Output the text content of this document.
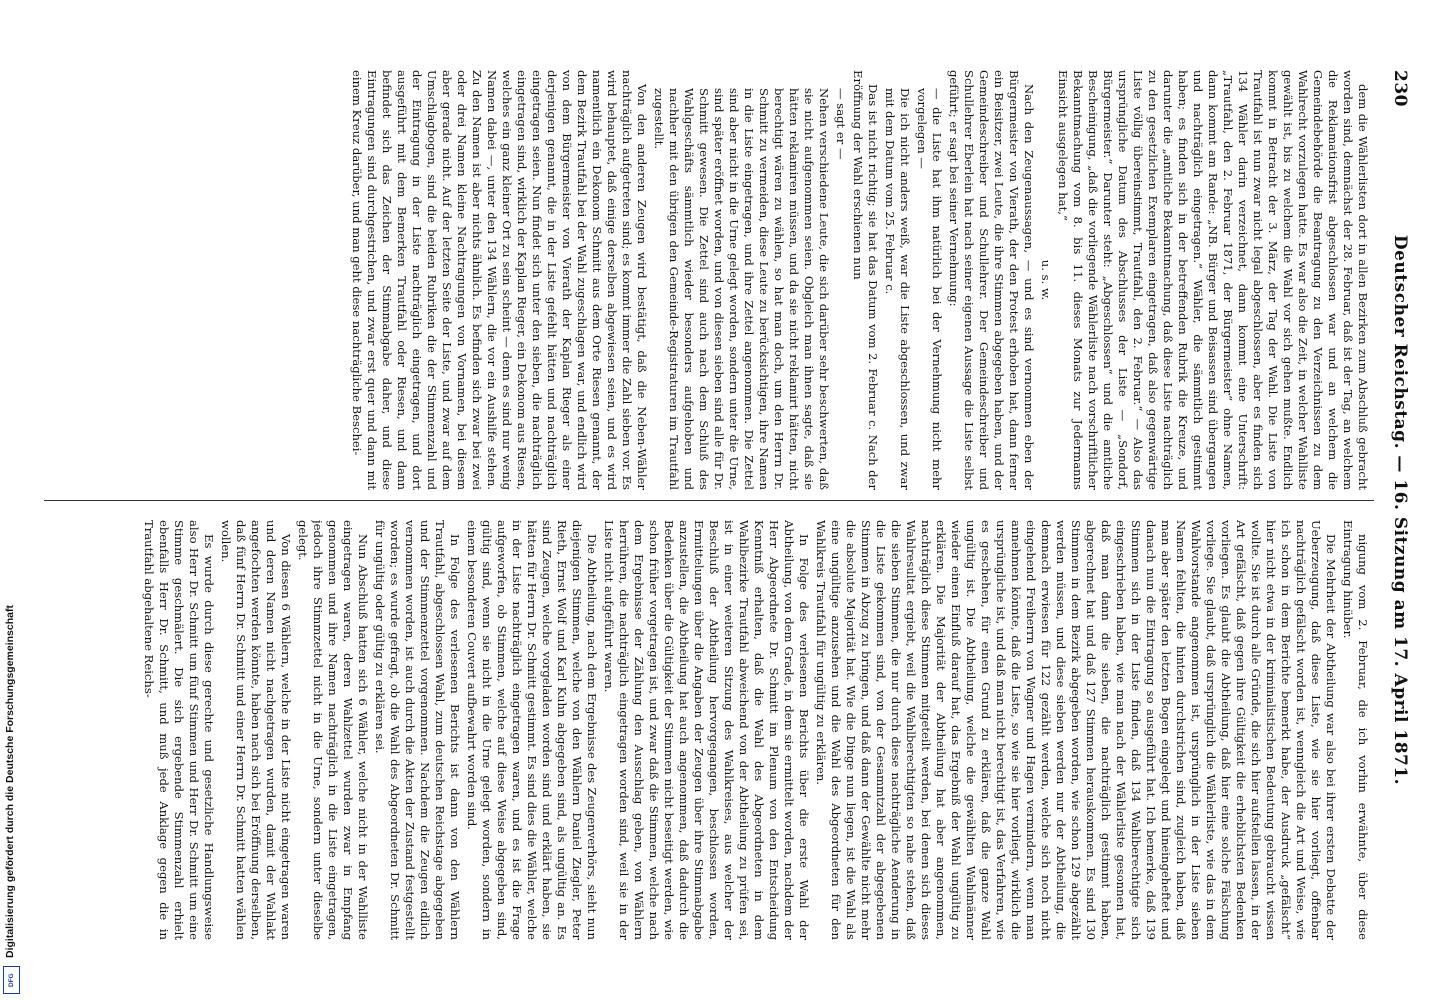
230
Deutscher Reichstag. — 16. Sitzung am 17. April 1871.

dem die Wählerlisten dort in allen Bezirken zum Abschluß gebracht worden sind, demnächst der 28. Februar, daß ist der Tag, an welchem die Reklamationsfrist abgeschlossen war und an welchem die Gemeindebehörde die Beantragung zu den Verzeichnissen zu dem Wahlrecht vorzulegen hatte. Es war also die Zeit, in welcher Wahlliste gewählt ist, bis zu welchem die Wahl vor sich gehen mußte. Endlich kommt in Betracht der 3. März, der Tag der Wahl. Die Liste von Trautfahl ist nun zwar nicht legal abgeschlossen, aber es finden sich 134 Wähler darin verzeichnet, dann kommt eine Unterschrift: „Trautfahl, den 2. Februar 1871, der Bürgermeister“ ohne Namen, dann kommt am Rande: „NB. Bürger und Beisassen sind übergangen und nachträglich eingetragen.“ Wähler, die sämmtlich gestimmt haben; es finden sich in der betreffenden Rubrik die Kreuze, und darunter die „amtliche Bekanntmachung, daß diese Liste nachträglich zu den gesetzlichen Exemplaren eingetragen, daß also gegenwärtige Liste völlig übereinstimmt, Trautfahl, den 2. Februar.“ — Also das ursprüngliche Datum des Abschlusses der Liste — „Sondorf, Bürgermeister.“ Darunter steht: „Abgeschlossen“ und die amtliche Bescheinigung, „daß die vorliegende Wählerliste nach vorschriftlicher Bekanntmachung vom 8. bis 11. dieses Monats zur Jedermanns Einsicht ausgelegen hat,“

u. s. w.

Nach den Zeugenaussagen, — und es sind vernommen eben der Bürgermeister von Vierath, der den Protest erhoben hat, dann ferner ein Beisitzer, zwei Leute, die ihre Stimmen abgegeben haben, und der Gemeindeschreiber und Schullehrer. Der Gemeindeschreiber und Schullehrer Eberlein hat nach seiner eigenen Aussage die Liste selbst geführt; er sagt bei seiner Vernehmung:

— die Liste hat ihm natürlich bei der Vernehmung nicht mehr vorgelegen —

Die ich nicht anders weiß, war die Liste abgeschlossen, und zwar mit dem Datum vom 25. Februar c.

Das ist nicht richtig; sie hat das Datum vom 2. Februar c. Nach der Eröffnung der Wahl erschienen nun

— sagt er —

Nehen verschiedene Leute, die sich darüber sehr beschwerten, daß sie nicht aufgenommen seien. Obgleich man ihnen sagte, daß sie hätten reklamiren müssen, und da sie nicht reklamirt hätten, nicht berechtigt wären zu wählen, so hat man doch, um den Herrn Dr. Schmitt zu vermeiden, diese Leute zu berücksichtigen, ihre Namen in die Liste eingetragen, und ihre Zettel angenommen. Die Zettel sind aber nicht in die Urne gelegt worden, sondern unter die Urne, sind später eröffnet worden, und von diesen sieben sind alle für Dr. Schmitt gewesen. Die Zettel sind auch nach dem Schluß des Wahlgeschäfts sämmtlich wieder besonders aufgehoben und nachher mit den übrigen den Gemeinde-Registraturen im Trautfahl zugestellt.

Von den anderen Zeugen wird bestätigt, daß die Neben-Wähler nachträglich aufgetreten sind; es kommt immer die Zahl sieben vor. Es wird behauptet, daß einige derselben abgewiesen seien, und es wird namentlich ein Dekonom Schmitt aus dem Orte Riesen genannt, der dem Bezirk Trautfahl bei der Wahl zugeschlagen war, und endlich wird von dem Bürgermeister von Vierath der Kaplan Rieger als einer derjenigen genannt, die in der Liste gefehlt hätten und nachträglich eingetragen seien. Nun findet sich unter den sieben, die nachträglich eingetragen sind, wirklich der Kaplan Rieger, ein Dekonom aus Riesen, welches ein ganz kleiner Ort zu sein scheint — denn es sind nur wenig Namen dabei —, unter den 134 Wählern, die vor ein Aushilfe stehen. Zu den Namen ist aber nichts ähnlich. Es befinden sich zwar bei zwei oder drei Namen kleine Nachtragungen von Vornamen, bei diesem aber gerade nicht. Auf der letzten Seite der Liste, und zwar auf dem Umschlagbogen, sind die beiden Rubriken die der Stimmenzahl und der Eintragung in der Liste nachträglich eingetragen, und dort ausgeführt mit dem Bemerken Trautfahl oder Riesen, und dann befindet sich das Zeichen der Stimmabgabe daher, und diese Eintragungen sind durchgestrichen, und zwar erst quer und dann mit einem Kreuz darüber, und man geht diese nachträgliche Beschei-

nigung vom 2. Februar, die ich vorhin erwähnte, über diese Eintragung hinüber.

Die Mehrheit der Abtheilung war also bei ihrer ersten Debatte der Ueberzeugung, daß diese Liste, wie sie hier vorliegt, offenbar nachträglich gefälscht worden ist, wenngleich die Art und Weise, wie ich schon in dem Berichte bemerkt habe, der Ausdruck „gefälscht“ hier nicht etwa in der kriminalistischen Bedeutung gebraucht wissen wollte. Sie ist durch alle Gründe, die sich hier aufstellen lassen, in der Art gefälscht, daß gegen ihre Gültigkeit die erheblichsten Bedenken vorliegen. Es glaubt die Abtheilung, daß hier eine solche Fälschung vorliege. Sie glaubt, daß ursprünglich die Wählerliste, wie das in dem Wahlvorstande angenommen ist, ursprünglich in der Liste sieben Namen fehlten, die hinten durchstrichen sind, zugleich haben, daß man aber später den letzten Bogen eingelegt und hineingeheftet und danach nun die Eintragung so ausgeführt hat. Ich bemerke, daß 139 Stimmen sich in der Liste finden, daß 134 Wahlberechtigte sich eingeschrieben haben, wie man nach der Wählerliste gesonnen hat, daß man dann die sieben, die nachträglich gestimmt haben, abgerechnet hat und daß 127 Stimmen herauskommen. Es sind 130 Stimmen in dem Bezirk abgegeben worden, wie schon 129 abgezählt werden müssen, und diese sieben werden nur der Abtheilung, die demnach erwiesen für 122 gezählt werden, welche sich noch nicht eingehend Freiherrn von Wagner und Hagen vermindern, wenn man annehmen könnte, daß die Liste, so wie sie hier vorliegt, wirklich die ursprüngliche ist, und daß man nicht berechtigt ist, das Verfahren, wie es geschehen, für einen Grund zu erklären, daß die ganze Wahl ungültig ist. Die Abtheilung, welche die gewählten Wahlmänner wieder einen Einfluß darauf hat, das Ergebniß der Wahl ungültig zu erklären. Die Majorität der Abtheilung hat aber angenommen, nachträglich diese Stimmen mitgeteilt werden, bei denen sich dieses Wahlresultat ergiebt, weil die Wahlberechtigten so nahe stehen, daß die sieben Stimmen, die nur durch diese nachträgliche Aenderung in die Liste gekommen sind, von der Gesammtzahl der abgegebenen Stimmen in Abzug zu bringen, und daß dann der Gewählte nicht mehr die absolute Majorität hat. Wie die Dinge nun liegen, ist die Wahl als eine ungültige anzusehen und die Wahl des Abgeordneten für den Wahlkreis Trautfahl für ungültig zu erklären.

In Folge des verlesenen Berichts über die erste Wahl der Abtheilung, von dem Grade, in dem sie ermittelt worden, nachdem der Herr Abgeordnete Dr. Schmitt im Plenum von den Entscheidung Kenntniß erhalten, daß die Wahl des Abgeordneten in dem Wahlbezirke Trautfahl abweichend von der Abtheilung zu prüfen sei, ist in einer weiteren Sitzung des Wahlkreises, aus welcher der Beschluß der Abtheilung hervorgegangen, beschlossen worden, Ermittelungen über die Angaben der Zeugen über ihre Stimmabgabe anzustellen, die Abtheilung hat auch angenommen, daß dadurch die Bedenken über die Gültigkeit der Stimmen nicht beseitigt werden, wie schon früher vorgetragen ist, und zwar daß die Stimmen, welche nach dem Ergebnisse der Zählung den Ausschlag geben, von Wählern herrühren, die nachträglich eingetragen worden sind, weil sie in der Liste nicht aufgeführt waren.

Die Abtheilung, nach dem Ergebnisse des Zeugenverhörs, sieht nun diejenigen Stimmen, welche von den Wählern Daniel Ziegler, Peter Rieth, Ernst Wolf und Karl Kuhn abgegeben sind, als ungültig an. Es sind Zeugen, welche vorgeladen worden sind und erklärt haben, sie hätten für Herrn Dr. Schmitt gestimmt. Es sind dies die Wähler, welche in der Liste nachträglich eingetragen waren, und es ist die Frage aufgeworfen, ob Stimmen, welche auf diese Weise abgegeben sind, gültig sind, wenn sie nicht in die Urne gelegt worden, sondern in einem besonderen Couvert aufbewahrt worden sind.

In Folge des verlesenen Berichts ist dann von den Wählern Trautfahl, abgeschlossen Wahl, zum deutschen Reichstage abgegeben und der Stimmenzettel vorgenommen. Nachdem die Zeugen eidlich vernommen worden, ist auch durch die Akten der Zustand festgestellt worden; es wurde gefragt, ob die Wahl des Abgeordneten Dr. Schmitt für ungültig oder gültig zu erklären sei.

Nun Abschluß hatten sich 6 Wähler, welche nicht in der Wahlliste eingetragen waren, deren Wahlzettel wurden zwar in Empfang genommen und ihre Namen nachträglich in die Liste eingetragen, jedoch ihre Stimmzettel nicht in die Urne, sondern unter dieselbe gelegt.

Von diesen 6 Wählern, welche in der Liste nicht eingetragen waren und deren Namen nicht nachgetragen wurden, damit der Wahlakt angefochten werden könnte, haben nach sich bei Eröffnung derselben, daß fünf Herrn Dr. Schmitt und einer Herrn Dr. Schmitt hatten wählen wollen.

Es wurde durch diese gerechte und gesetzliche Handlungsweise also Herr Dr. Schmitt um fünf Stimmen und Herr Dr. Schmitt um eine Stimme geschmälert. Die sich ergebende Stimmenzahl erhielt ebenfalls Herr Dr. Schmitt, und muß jede Anklage gegen die in Trautfahl abgehaltene Reichs-

Digitalisierung gefördert durch die Deutsche Forschungsgemeinschaft
DFG
